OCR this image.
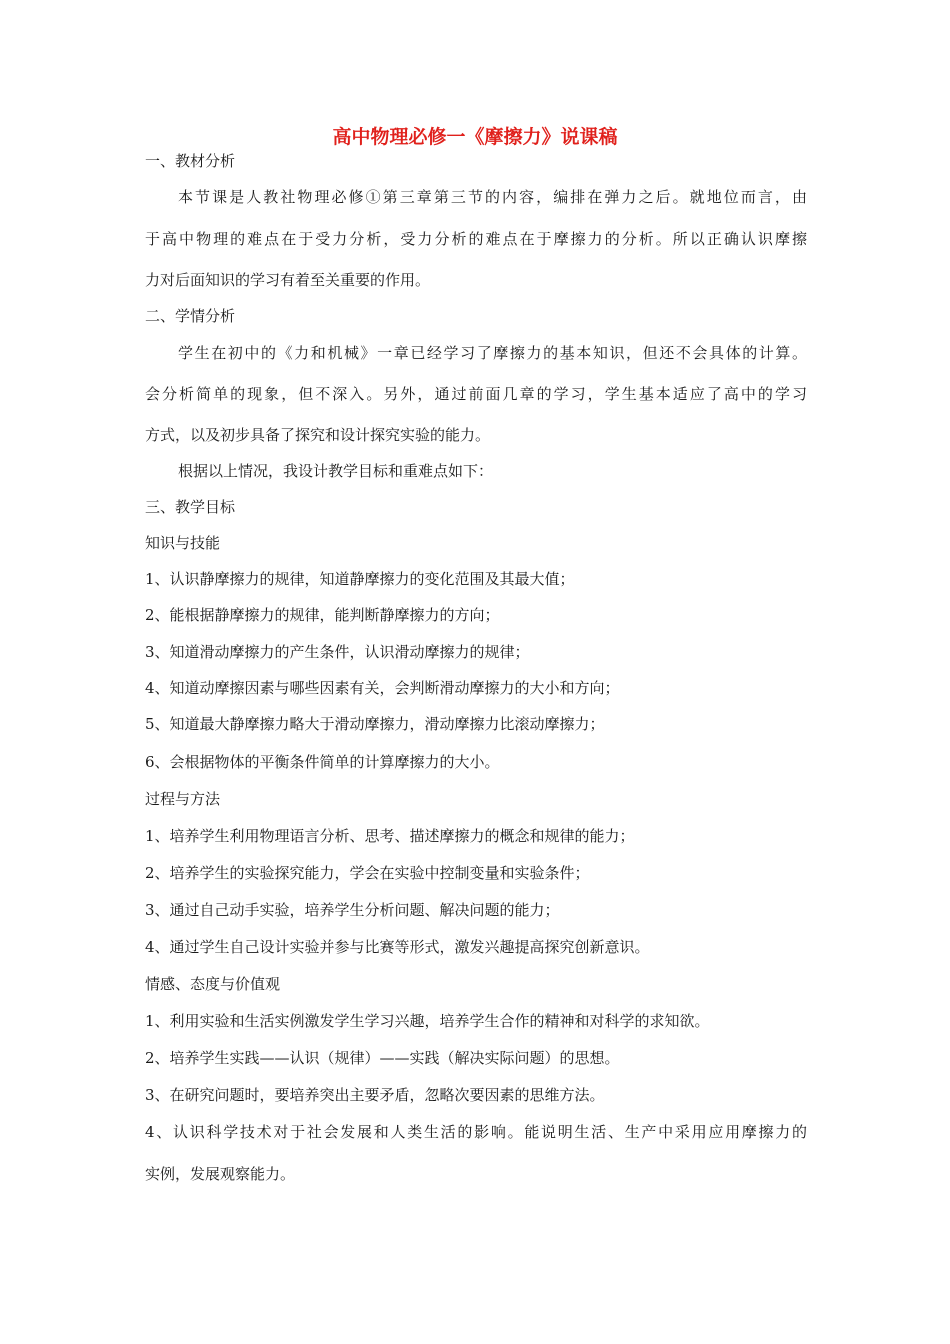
高中物理必修一《摩擦力》说课稿
一、教材分析
本节课是人教社物理必修①第三章第三节的内容，编排在弹力之后。就地位而言，由
于高中物理的难点在于受力分析，受力分析的难点在于摩擦力的分析。所以正确认识摩擦
力对后面知识的学习有着至关重要的作用。
二、学情分析
学生在初中的《力和机械》一章已经学习了摩擦力的基本知识，但还不会具体的计算。
会分析简单的现象，但不深入。另外，通过前面几章的学习，学生基本适应了高中的学习
方式，以及初步具备了探究和设计探究实验的能力。
根据以上情况，我设计教学目标和重难点如下：
三、教学目标
知识与技能
1、认识静摩擦力的规律，知道静摩擦力的变化范围及其最大值；
2、能根据静摩擦力的规律，能判断静摩擦力的方向；
3、知道滑动摩擦力的产生条件，认识滑动摩擦力的规律；
4、知道动摩擦因素与哪些因素有关，会判断滑动摩擦力的大小和方向；
5、知道最大静摩擦力略大于滑动摩擦力，滑动摩擦力比滚动摩擦力；
6、会根据物体的平衡条件简单的计算摩擦力的大小。
过程与方法
1、培养学生利用物理语言分析、思考、描述摩擦力的概念和规律的能力；
2、培养学生的实验探究能力，学会在实验中控制变量和实验条件；
3、通过自己动手实验，培养学生分析问题、解决问题的能力；
4、通过学生自己设计实验并参与比赛等形式，激发兴趣提高探究创新意识。
情感、态度与价值观
1、利用实验和生活实例激发学生学习兴趣，培养学生合作的精神和对科学的求知欲。
2、培养学生实践——认识（规律）——实践（解决实际问题）的思想。
3、在研究问题时，要培养突出主要矛盾，忽略次要因素的思维方法。
4、认识科学技术对于社会发展和人类生活的影响。能说明生活、生产中采用应用摩擦力的
实例，发展观察能力。
